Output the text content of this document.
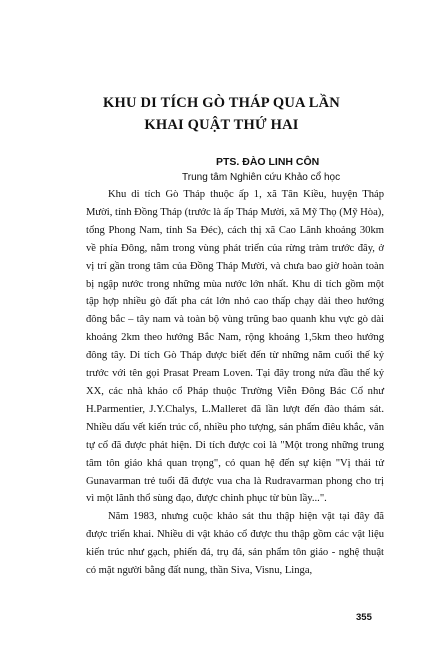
KHU DI TÍCH GÒ THÁP QUA LẦN
KHAI QUẬT THỨ HAI
PTS. ĐÀO LINH CÔN
Trung tâm Nghiên cứu Khảo cổ học

Khu di tích Gò Tháp thuộc ấp 1, xã Tân Kiều, huyện Tháp Mười, tỉnh Đồng Tháp (trước là ấp Tháp Mười, xã Mỹ Thọ (Mỹ Hòa), tổng Phong Nam, tỉnh Sa Đéc), cách thị xã Cao Lãnh khoảng 30km về phía Đông, nằm trong vùng phát triển của rừng tràm trước đây, ở vị trí gần trong tâm của Đồng Tháp Mười, và chưa bao giờ hoàn toàn bị ngập nước trong những mùa nước lớn nhất. Khu di tích gồm một tập hợp nhiều gò đất pha cát lớn nhỏ cao thấp chạy dài theo hướng đông bắc – tây nam và toàn bộ vùng trũng bao quanh khu vực gò dài khoảng 2km theo hướng Bắc Nam, rộng khoảng 1,5km theo hướng đông tây. Di tích Gò Tháp được biết đến từ những năm cuối thế kỷ trước với tên gọi Prasat Pream Loven. Tại đây trong nửa đầu thế kỷ XX, các nhà khảo cổ Pháp thuộc Trường Viễn Đông Bác Cổ như H.Parmentier, J.Y.Chalys, L.Malleret đã lần lượt đến đào thám sát. Nhiều dấu vết kiến trúc cổ, nhiều pho tượng, sản phẩm điêu khắc, văn tự cổ đã được phát hiện. Di tích được coi là "Một trong những trung tâm tôn giáo khá quan trọng", có quan hệ đến sự kiện "Vị thái tử Gunavarman trẻ tuổi đã được vua cha là Rudravarman phong cho trị vì một lãnh thổ sùng đạo, được chinh phục từ bùn lầy...".

Năm 1983, nhưng cuộc khảo sát thu thập hiện vật tại đây đã được triển khai. Nhiều di vật khảo cổ được thu thập gồm các vật liệu kiến trúc như gạch, phiến đá, trụ đá, sản phẩm tôn giáo - nghệ thuật có mặt người bằng đất nung, thần Siva, Visnu, Linga,

355
